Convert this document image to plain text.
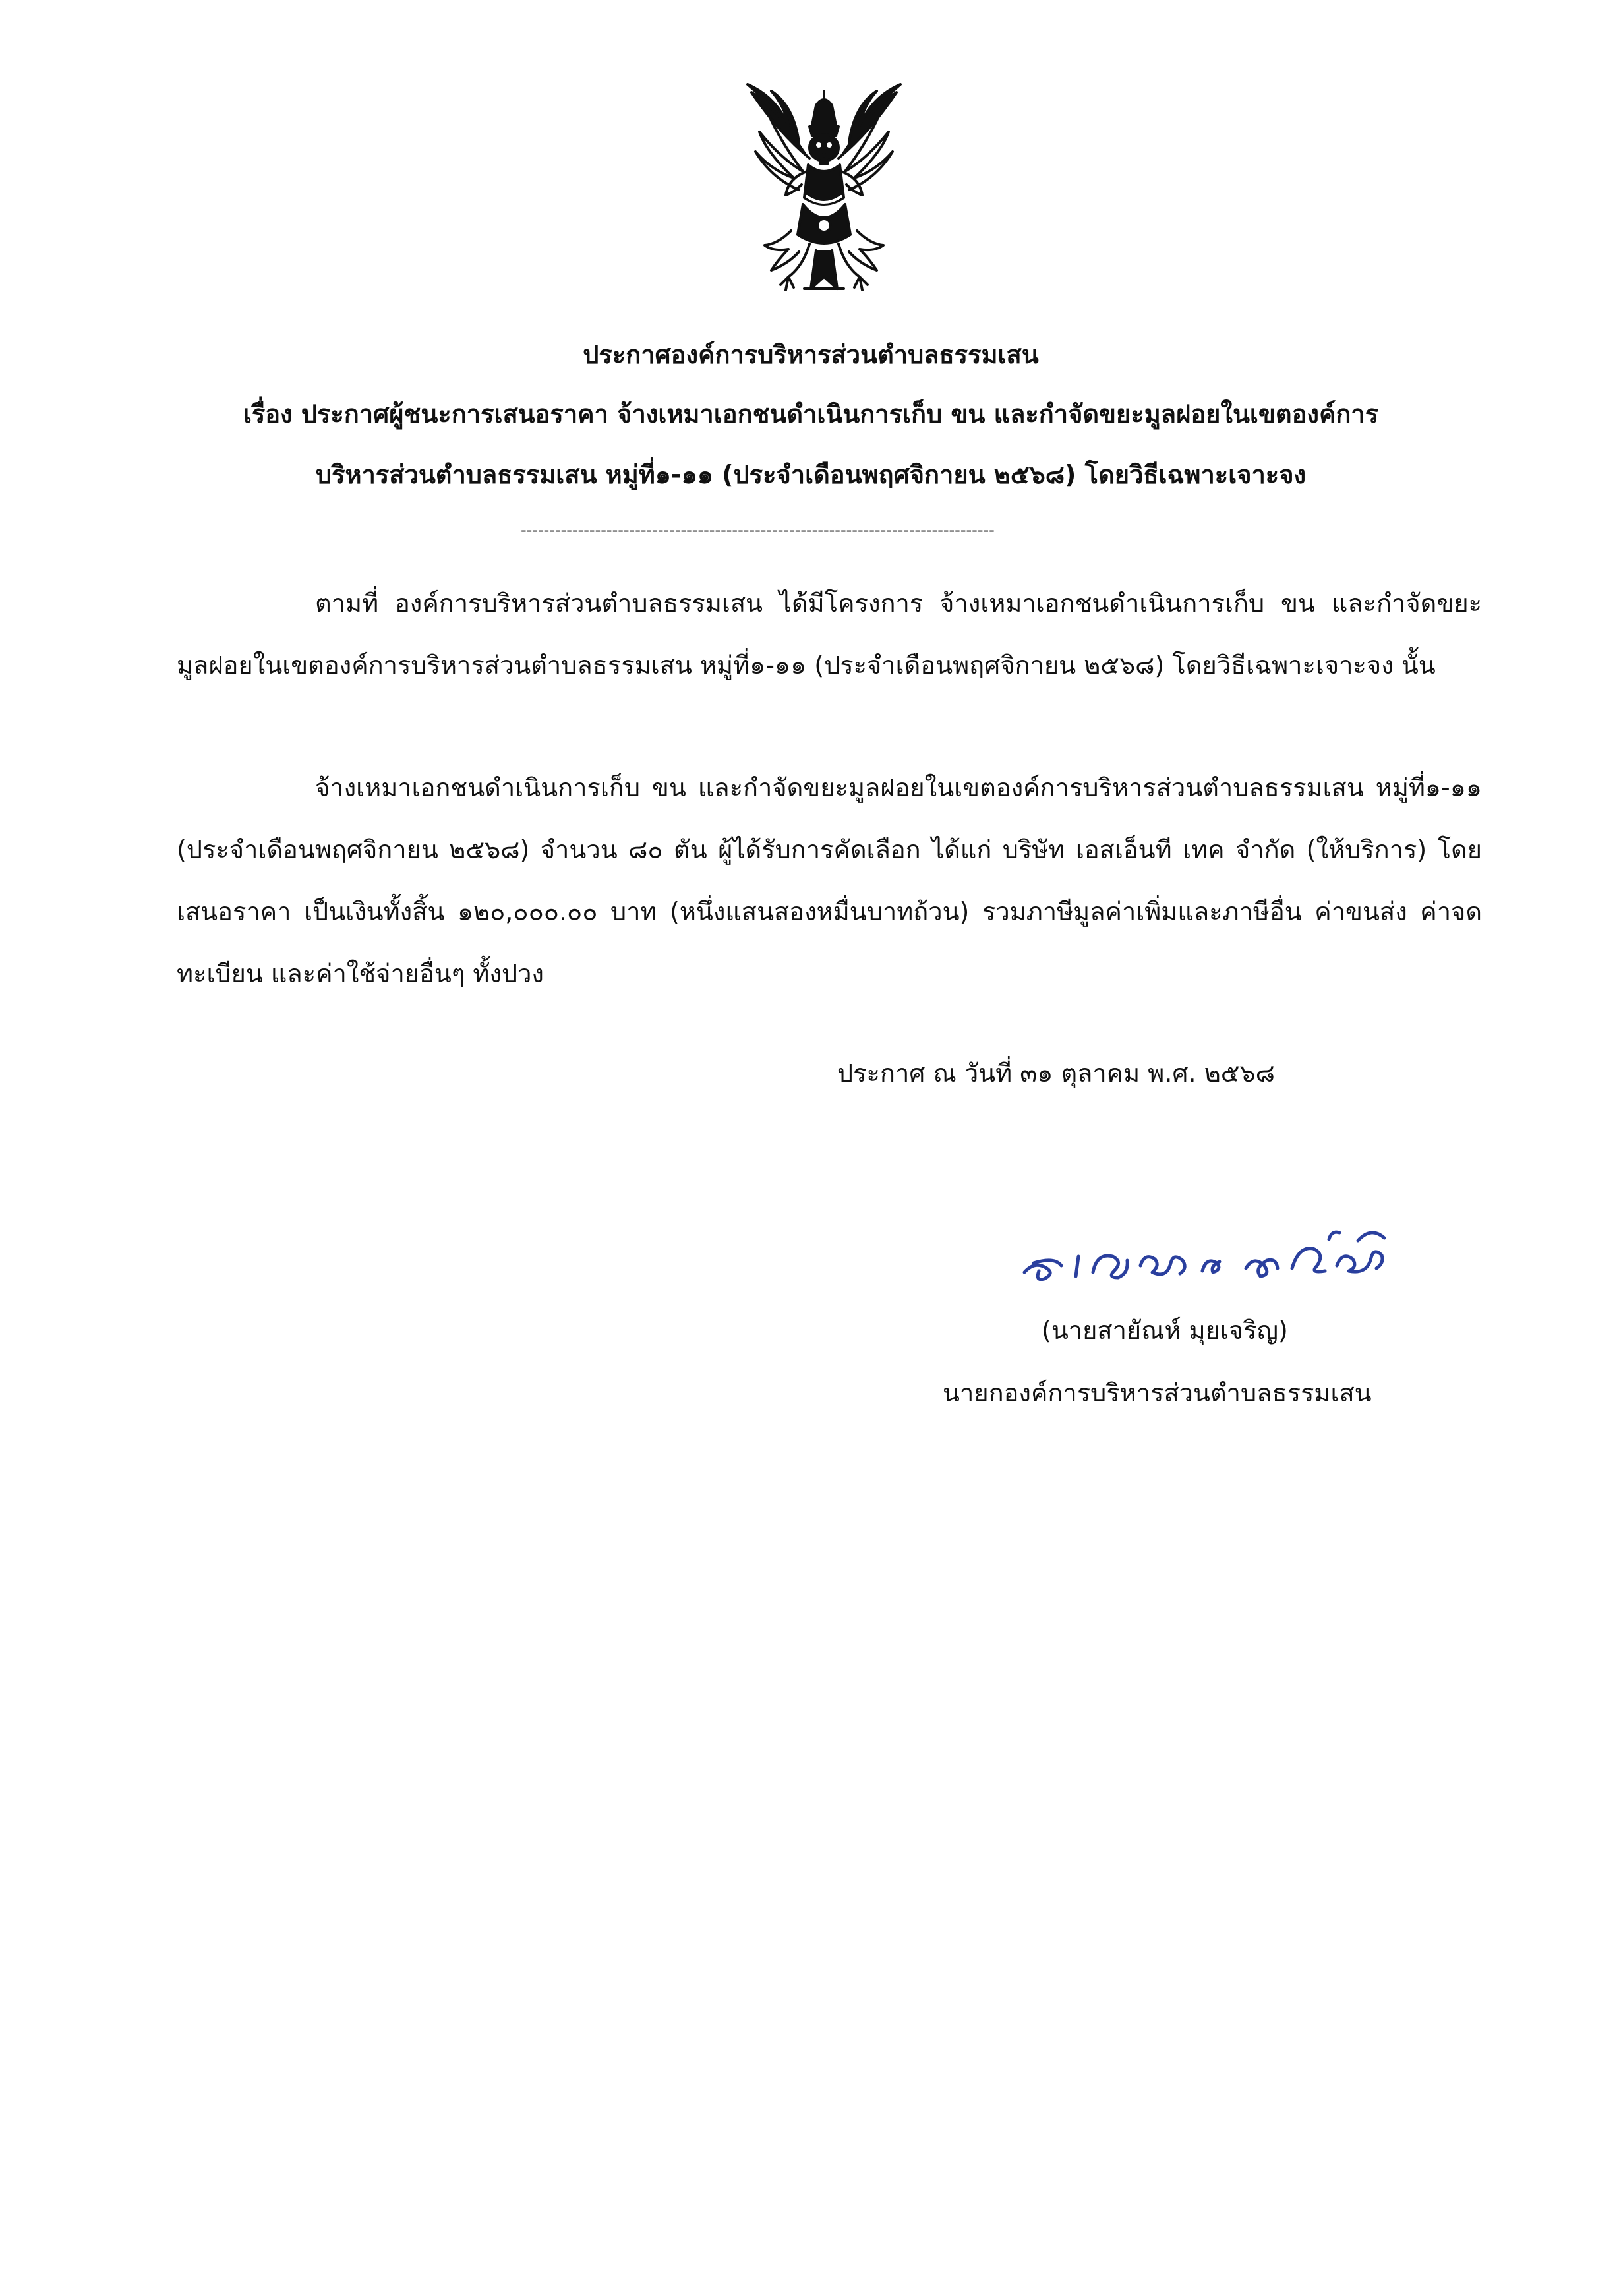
ประกาศองค์การบริหารส่วนตำบลธรรมเสน
เรื่อง ประกาศผู้ชนะการเสนอราคา จ้างเหมาเอกชนดำเนินการเก็บ ขน และกำจัดขยะมูลฝอยในเขตองค์การ
บริหารส่วนตำบลธรรมเสน หมู่ที่๑-๑๑ (ประจำเดือนพฤศจิกายน ๒๕๖๘) โดยวิธีเฉพาะเจาะจง
-----------------------------------------------------------------------------------
ตามที่ องค์การบริหารส่วนตำบลธรรมเสน ได้มีโครงการ จ้างเหมาเอกชนดำเนินการเก็บ ขน และกำจัดขยะมูลฝอยในเขตองค์การบริหารส่วนตำบลธรรมเสน หมู่ที่๑-๑๑ (ประจำเดือนพฤศจิกายน ๒๕๖๘) โดยวิธีเฉพาะเจาะจง นั้น
จ้างเหมาเอกชนดำเนินการเก็บ ขน และกำจัดขยะมูลฝอยในเขตองค์การบริหารส่วนตำบลธรรมเสน หมู่ที่๑-๑๑ (ประจำเดือนพฤศจิกายน ๒๕๖๘) จำนวน ๘๐ ตัน ผู้ได้รับการคัดเลือก ได้แก่ บริษัท เอสเอ็นที เทค จำกัด (ให้บริการ) โดยเสนอราคา เป็นเงินทั้งสิ้น ๑๒๐,๐๐๐.๐๐ บาท (หนึ่งแสนสองหมื่นบาทถ้วน) รวมภาษีมูลค่าเพิ่มและภาษีอื่น ค่าขนส่ง ค่าจดทะเบียน และค่าใช้จ่ายอื่นๆ ทั้งปวง
ประกาศ ณ วันที่ ๓๑ ตุลาคม พ.ศ. ๒๕๖๘
(นายสายัณห์ มุยเจริญ)
นายกองค์การบริหารส่วนตำบลธรรมเสน
